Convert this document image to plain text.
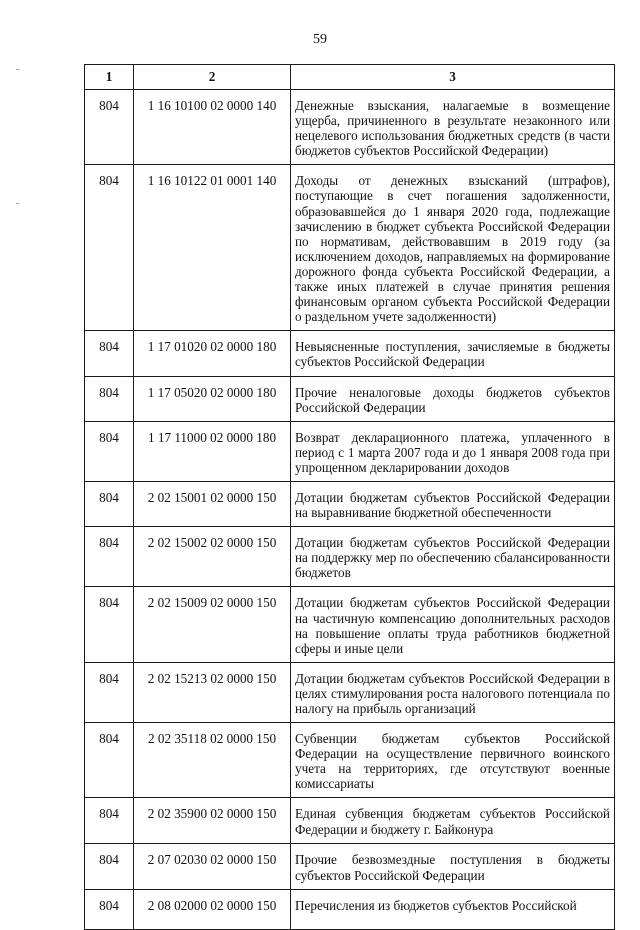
59
-
-
1	2	3
804	1 16 10100 02 0000 140	Денежные взыскания, налагаемые в возмещение ущерба, причиненного в результате незаконного или нецелевого использования бюджетных средств (в части бюджетов субъектов Российской Федерации)
804	1 16 10122 01 0001 140	Доходы от денежных взысканий (штрафов), поступающие в счет погашения задолженности, образовавшейся до 1 января 2020 года, подлежащие зачислению в бюджет субъекта Российской Федерации по нормативам, действовавшим в 2019 году (за исключением доходов, направляемых на формирование дорожного фонда субъекта Российской Федерации, а также иных платежей в случае принятия решения финансовым органом субъекта Российской Федерации о раздельном учете задолженности)
804	1 17 01020 02 0000 180	Невыясненные поступления, зачисляемые в бюджеты субъектов Российской Федерации
804	1 17 05020 02 0000 180	Прочие неналоговые доходы бюджетов субъектов Российской Федерации
804	1 17 11000 02 0000 180	Возврат декларационного платежа, уплаченного в период с 1 марта 2007 года и до 1 января 2008 года при упрощенном декларировании доходов
804	2 02 15001 02 0000 150	Дотации бюджетам субъектов Российской Федерации на выравнивание бюджетной обеспеченности
804	2 02 15002 02 0000 150	Дотации бюджетам субъектов Российской Федерации на поддержку мер по обеспечению сбалансированности бюджетов
804	2 02 15009 02 0000 150	Дотации бюджетам субъектов Российской Федерации на частичную компенсацию дополнительных расходов на повышение оплаты труда работников бюджетной сферы и иные цели
804	2 02 15213 02 0000 150	Дотации бюджетам субъектов Российской Федерации в целях стимулирования роста налогового потенциала по налогу на прибыль организаций
804	2 02 35118 02 0000 150	Субвенции бюджетам субъектов Российской Федерации на осуществление первичного воинского учета на территориях, где отсутствуют военные комиссариаты
804	2 02 35900 02 0000 150	Единая субвенция бюджетам субъектов Российской Федерации и бюджету г. Байконура
804	2 07 02030 02 0000 150	Прочие безвозмездные поступления в бюджеты субъектов Российской Федерации
804	2 08 02000 02 0000 150	Перечисления из бюджетов субъектов Российской
